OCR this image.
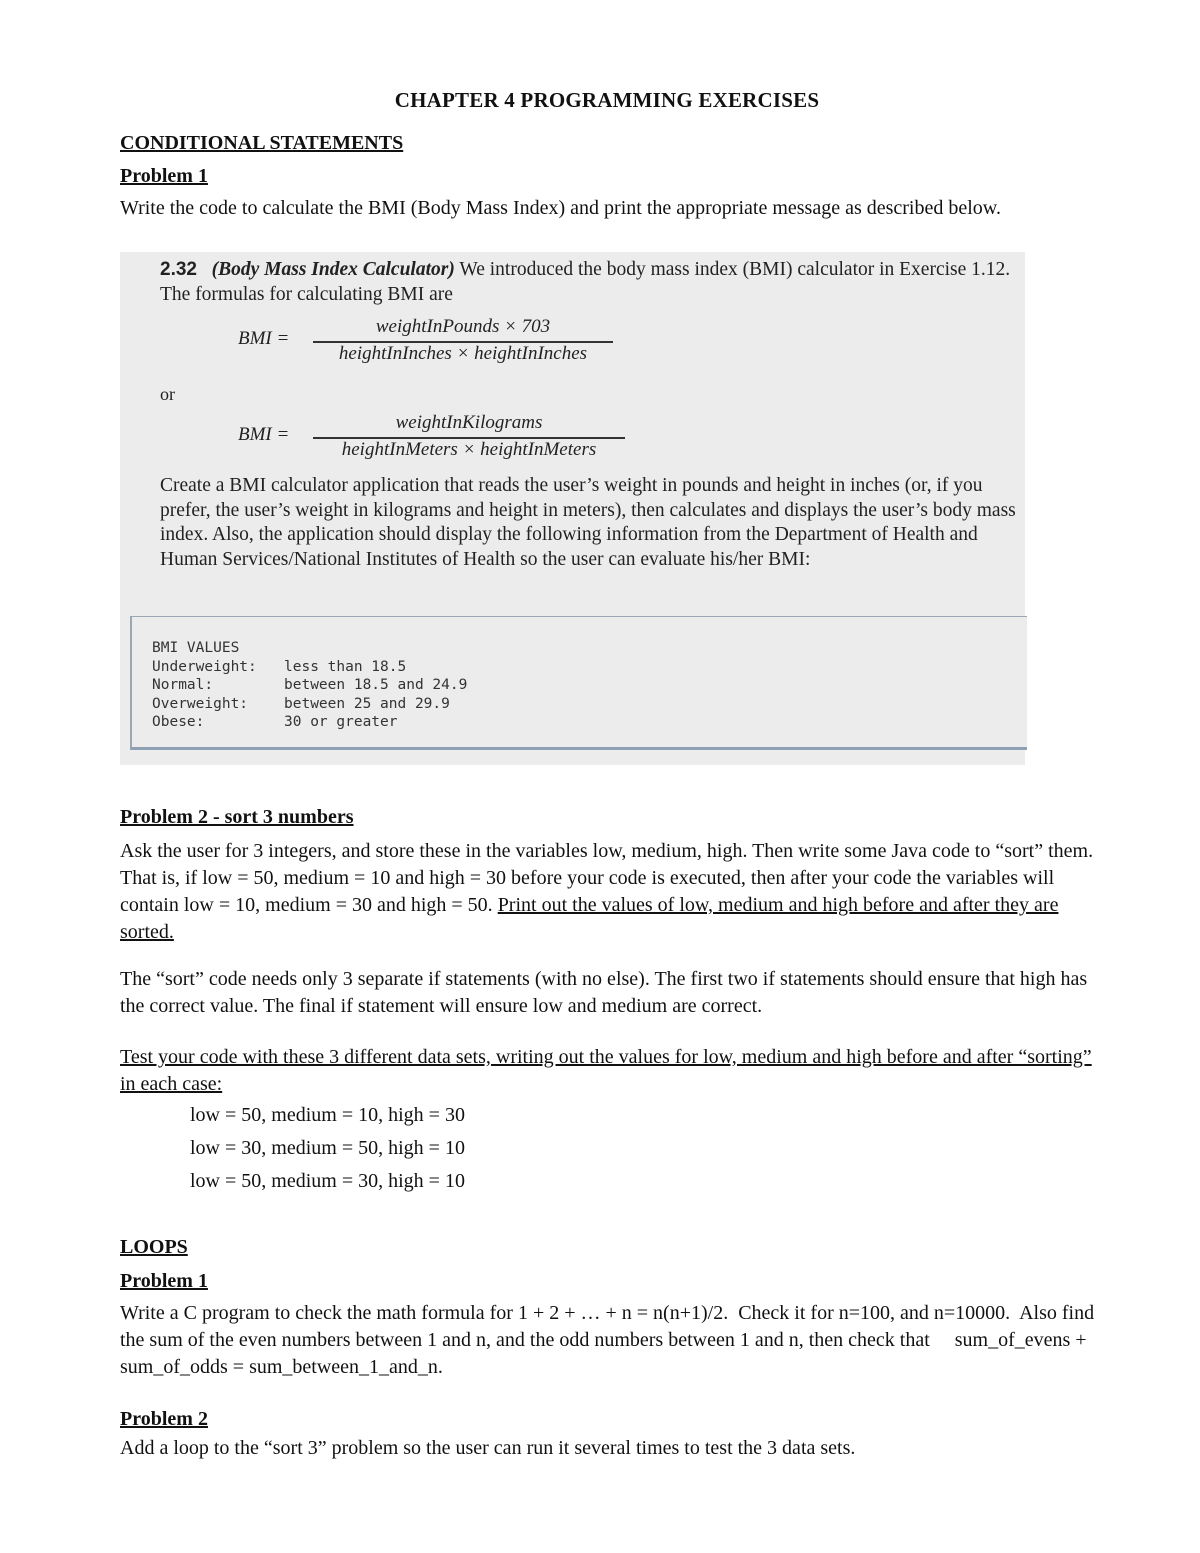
CHAPTER 4 PROGRAMMING EXERCISES
CONDITIONAL STATEMENTS
Problem 1

Write the code to calculate the BMI (Body Mass Index) and print the appropriate message as described below.

2.32 (Body Mass Index Calculator) We introduced the body mass index (BMI) calculator in Exercise 1.12. The formulas for calculating BMI are
BMI =
weightInPounds × 703
heightInInches × heightInInches
or
BMI =
weightInKilograms
heightInMeters × heightInMeters
Create a BMI calculator application that reads the user’s weight in pounds and height in inches (or, if you prefer, the user’s weight in kilograms and height in meters), then calculates and displays the user’s body mass index. Also, the application should display the following information from the Department of Health and Human Services/National Institutes of Health so the user can evaluate his/her BMI:
BMI VALUES	
Underweight:	less than 18.5
Normal:	between 18.5 and 24.9
Overweight:	between 25 and 29.9
Obese:	30 or greater
Problem 2 - sort 3 numbers

Ask the user for 3 integers, and store these in the variables low, medium, high. Then write some Java code to “sort” them. That is, if low = 50, medium = 10 and high = 30 before your code is executed, then after your code the variables will contain low = 10, medium = 30 and high = 50. Print out the values of low, medium and high before and after they are sorted.

The “sort” code needs only 3 separate if statements (with no else). The first two if statements should ensure that high has the correct value. The final if statement will ensure low and medium are correct.

Test your code with these 3 different data sets, writing out the values for low, medium and high before and after “sorting” in each case:

low = 50, medium = 10, high = 30
low = 30, medium = 50, high = 10
low = 50, medium = 30, high = 10
LOOPS
Problem 1

Write a C program to check the math formula for 1 + 2 + … + n = n(n+1)/2.  Check it for n=100, and n=10000.  Also find the sum of the even numbers between 1 and n, and the odd numbers between 1 and n, then check that     sum_of_evens + sum_of_odds = sum_between_1_and_n.

Problem 2

Add a loop to the “sort 3” problem so the user can run it several times to test the 3 data sets.
